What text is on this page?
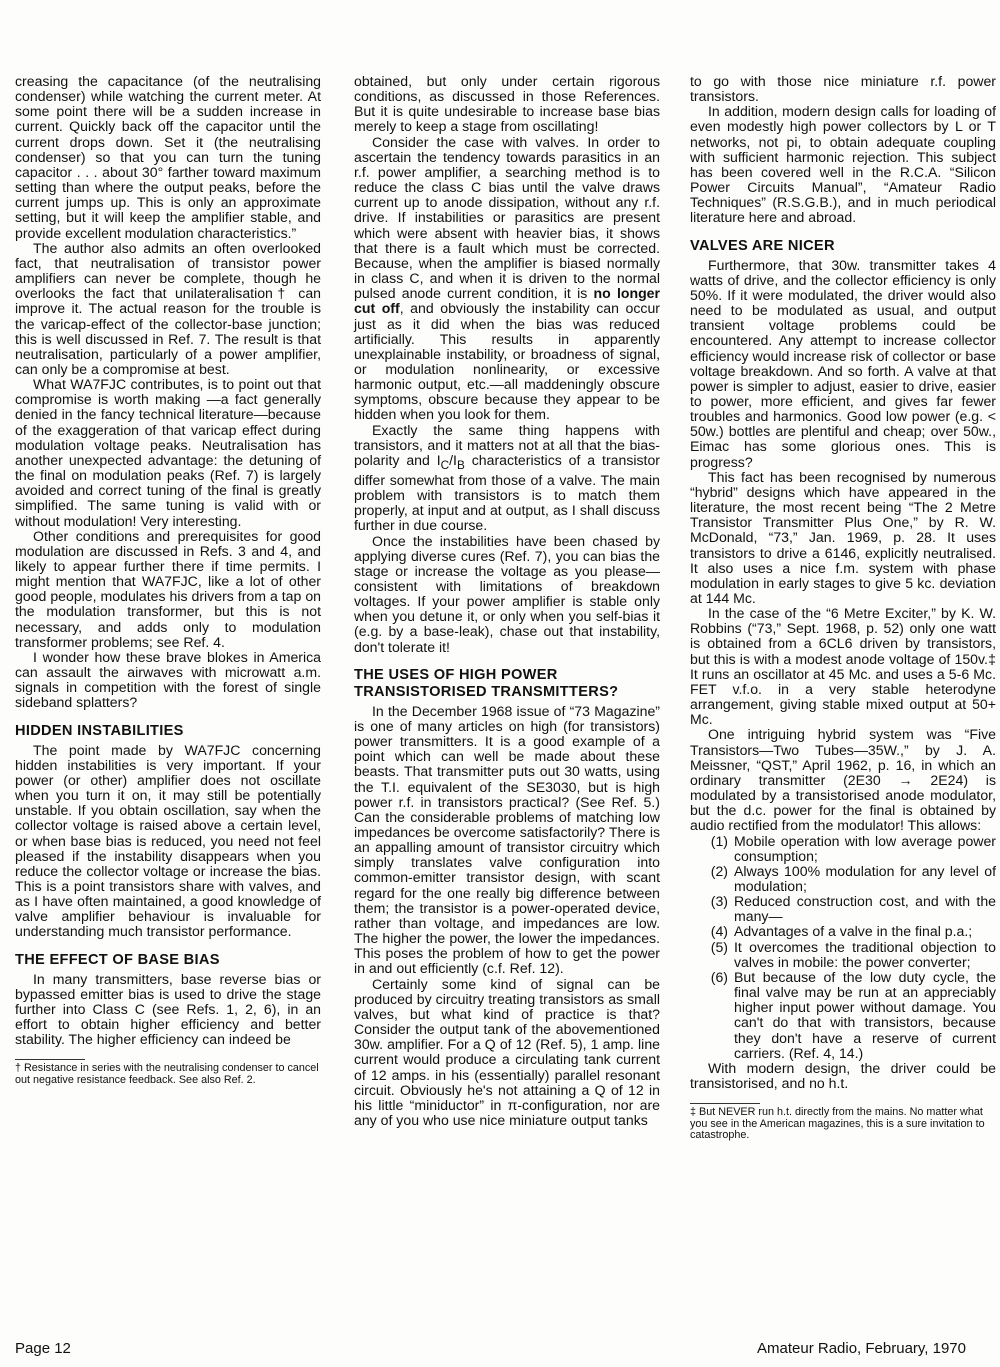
creasing the capacitance (of the neutralising condenser) while watching the current meter. At some point there will be a sudden increase in current. Quickly back off the capacitor until the current drops down. Set it (the neutralising condenser) so that you can turn the tuning capacitor . . . about 30° farther toward maximum setting than where the output peaks, before the current jumps up. This is only an approximate setting, but it will keep the amplifier stable, and provide excellent modulation characteristics.”

The author also admits an often overlooked fact, that neutralisation of transistor power amplifiers can never be complete, though he overlooks the fact that unilateralisation† can improve it. The actual reason for the trouble is the varicap-effect of the collector-base junction; this is well discussed in Ref. 7. The result is that neutralisation, particularly of a power amplifier, can only be a compromise at best.

What WA7FJC contributes, is to point out that compromise is worth making —a fact generally denied in the fancy technical literature—because of the exaggeration of that varicap effect during modulation voltage peaks. Neutralisation has another unexpected advantage: the detuning of the final on modulation peaks (Ref. 7) is largely avoided and correct tuning of the final is greatly simplified. The same tuning is valid with or without modulation! Very interesting.

Other conditions and prerequisites for good modulation are discussed in Refs. 3 and 4, and likely to appear further there if time permits. I might mention that WA7FJC, like a lot of other good people, modulates his drivers from a tap on the modulation transformer, but this is not necessary, and adds only to modulation transformer problems; see Ref. 4.

I wonder how these brave blokes in America can assault the airwaves with microwatt a.m. signals in competition with the forest of single sideband splatters?

HIDDEN INSTABILITIES

The point made by WA7FJC concerning hidden instabilities is very important. If your power (or other) amplifier does not oscillate when you turn it on, it may still be potentially unstable. If you obtain oscillation, say when the collector voltage is raised above a certain level, or when base bias is reduced, you need not feel pleased if the instability disappears when you reduce the collector voltage or increase the bias. This is a point transistors share with valves, and as I have often maintained, a good knowledge of valve amplifier behaviour is invaluable for understanding much transistor performance.

THE EFFECT OF BASE BIAS

In many transmitters, base reverse bias or bypassed emitter bias is used to drive the stage further into Class C (see Refs. 1, 2, 6), in an effort to obtain higher efficiency and better stability. The higher efficiency can indeed be

† Resistance in series with the neutralising condenser to cancel out negative resistance feedback. See also Ref. 2.

obtained, but only under certain rigorous conditions, as discussed in those References. But it is quite undesirable to increase base bias merely to keep a stage from oscillating!

Consider the case with valves. In order to ascertain the tendency towards parasitics in an r.f. power amplifier, a searching method is to reduce the class C bias until the valve draws current up to anode dissipation, without any r.f. drive. If instabilities or parasitics are present which were absent with heavier bias, it shows that there is a fault which must be corrected. Because, when the amplifier is biased normally in class C, and when it is driven to the normal pulsed anode current condition, it is no longer cut off, and obviously the instability can occur just as it did when the bias was reduced artificially. This results in apparently unexplainable instability, or broadness of signal, or modulation nonlinearity, or excessive harmonic output, etc.—all maddeningly obscure symptoms, obscure because they appear to be hidden when you look for them.

Exactly the same thing happens with transistors, and it matters not at all that the bias-polarity and $I_C/I_B$ characteristics of a transistor differ somewhat from those of a valve. The main problem with transistors is to match them properly, at input and at output, as I shall discuss further in due course.

Once the instabilities have been chased by applying diverse cures (Ref. 7), you can bias the stage or increase the voltage as you please—consistent with limitations of breakdown voltages. If your power amplifier is stable only when you detune it, or only when you self-bias it (e.g. by a base-leak), chase out that instability, don't tolerate it!

THE USES OF HIGH POWER
TRANSISTORISED TRANSMITTERS?

In the December 1968 issue of “73 Magazine” is one of many articles on high (for transistors) power transmitters. It is a good example of a point which can well be made about these beasts. That transmitter puts out 30 watts, using the T.I. equivalent of the SE3030, but is high power r.f. in transistors practical? (See Ref. 5.) Can the considerable problems of matching low impedances be overcome satisfactorily? There is an appalling amount of transistor circuitry which simply translates valve configuration into common-emitter transistor design, with scant regard for the one really big difference between them; the transistor is a power-operated device, rather than voltage, and impedances are low. The higher the power, the lower the impedances. This poses the problem of how to get the power in and out efficiently (c.f. Ref. 12).

Certainly some kind of signal can be produced by circuitry treating transistors as small valves, but what kind of practice is that? Consider the output tank of the abovementioned 30w. amplifier. For a Q of 12 (Ref. 5), 1 amp. line current would produce a circulating tank current of 12 amps. in his (essentially) parallel resonant circuit. Obviously he's not attaining a Q of 12 in his little “miniductor” in π-configuration, nor are any of you who use nice miniature output tanks

to go with those nice miniature r.f. power transistors.

In addition, modern design calls for loading of even modestly high power collectors by L or T networks, not pi, to obtain adequate coupling with sufficient harmonic rejection. This subject has been covered well in the R.C.A. “Silicon Power Circuits Manual”, “Amateur Radio Techniques” (R.S.G.B.), and in much periodical literature here and abroad.

VALVES ARE NICER

Furthermore, that 30w. transmitter takes 4 watts of drive, and the collector efficiency is only 50%. If it were modulated, the driver would also need to be modulated as usual, and output transient voltage problems could be encountered. Any attempt to increase collector efficiency would increase risk of collector or base voltage breakdown. And so forth. A valve at that power is simpler to adjust, easier to drive, easier to power, more efficient, and gives far fewer troubles and harmonics. Good low power (e.g. < 50w.) bottles are plentiful and cheap; over 50w., Eimac has some glorious ones. This is progress?

This fact has been recognised by numerous “hybrid” designs which have appeared in the literature, the most recent being “The 2 Metre Transistor Transmitter Plus One,” by R. W. McDonald, “73,” Jan. 1969, p. 28. It uses transistors to drive a 6146, explicitly neutralised. It also uses a nice f.m. system with phase modulation in early stages to give 5 kc. deviation at 144 Mc.

In the case of the “6 Metre Exciter,” by K. W. Robbins (“73,” Sept. 1968, p. 52) only one watt is obtained from a 6CL6 driven by transistors, but this is with a modest anode voltage of 150v.‡ It runs an oscillator at 45 Mc. and uses a 5-6 Mc. FET v.f.o. in a very stable heterodyne arrangement, giving stable mixed output at 50+ Mc.

One intriguing hybrid system was “Five Transistors—Two Tubes—35W.,” by J. A. Meissner, “QST,” April 1962, p. 16, in which an ordinary transmitter (2E30 → 2E24) is modulated by a transistorised anode modulator, but the d.c. power for the final is obtained by audio rectified from the modulator! This allows:

(1) Mobile operation with low average power consumption;
(2) Always 100% modulation for any level of modulation;
(3) Reduced construction cost, and with the many—
(4) Advantages of a valve in the final p.a.;
(5) It overcomes the traditional objection to valves in mobile: the power converter;
(6) But because of the low duty cycle, the final valve may be run at an appreciably higher input power without damage. You can't do that with transistors, because they don't have a reserve of current carriers. (Ref. 4, 14.)

With modern design, the driver could be transistorised, and no h.t.

‡ But NEVER run h.t. directly from the mains. No matter what you see in the American magazines, this is a sure invitation to catastrophe.

Page 12	Amateur Radio, February, 1970
